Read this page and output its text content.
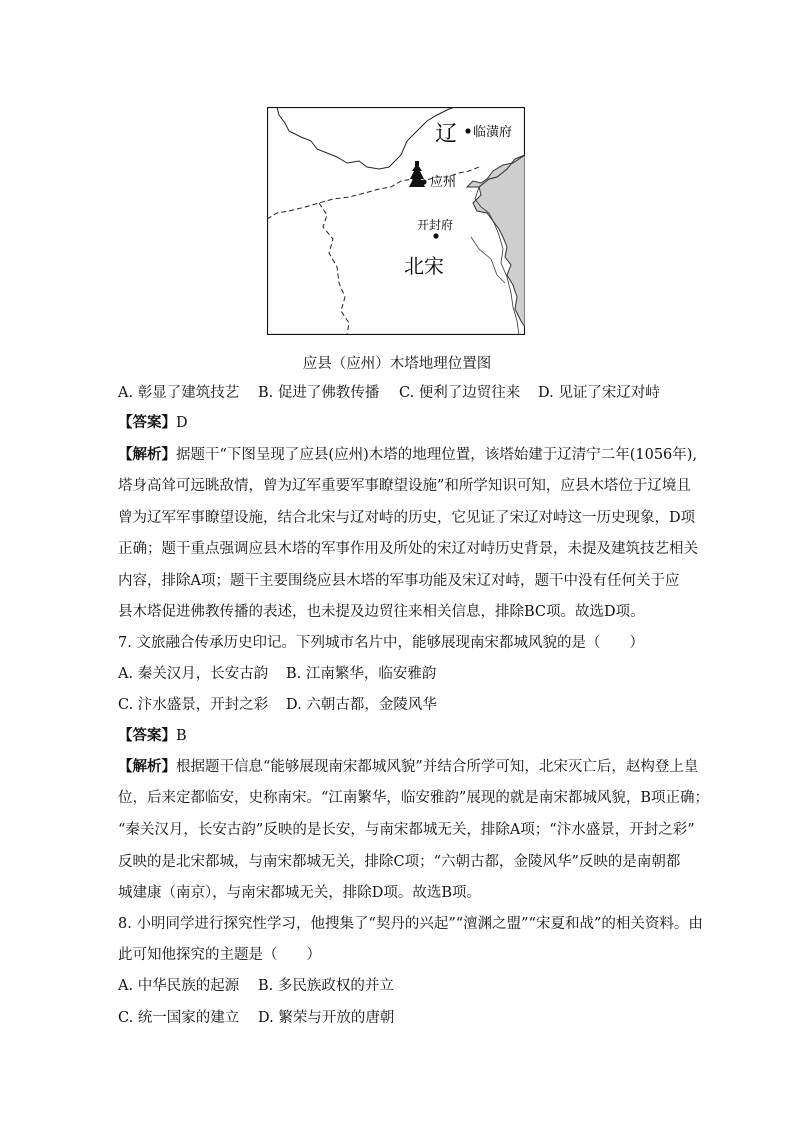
辽 临潢府
应州
开封府
北宋
应县（应州）木塔地理位置图
A. 彰显了建筑技艺 B. 促进了佛教传播 C. 便利了边贸往来 D. 见证了宋辽对峙
【答案】D
【解析】据题干“下图呈现了应县(应州)木塔的地理位置，该塔始建于辽清宁二年(1056年),
塔身高耸可远眺敌情，曾为辽军重要军事瞭望设施”和所学知识可知，应县木塔位于辽境且
曾为辽军军事瞭望设施，结合北宋与辽对峙的历史，它见证了宋辽对峙这一历史现象，D项
正确；题干重点强调应县木塔的军事作用及所处的宋辽对峙历史背景，未提及建筑技艺相关
内容，排除A项；题干主要围绕应县木塔的军事功能及宋辽对峙，题干中没有任何关于应
县木塔促进佛教传播的表述，也未提及边贸往来相关信息，排除BC项。故选D项。
7. 文旅融合传承历史印记。下列城市名片中，能够展现南宋都城风貌的是（　　）
A. 秦关汉月，长安古韵 B. 江南繁华，临安雅韵
C. 汴水盛景，开封之彩 D. 六朝古都，金陵风华
【答案】B
【解析】根据题干信息“能够展现南宋都城风貌”并结合所学可知，北宋灭亡后，赵构登上皇
位，后来定都临安，史称南宋。“江南繁华，临安雅韵”展现的就是南宋都城风貌，B项正确；
“秦关汉月，长安古韵”反映的是长安，与南宋都城无关，排除A项；“汴水盛景，开封之彩”
反映的是北宋都城，与南宋都城无关，排除C项；“六朝古都，金陵风华”反映的是南朝都
城建康（南京），与南宋都城无关，排除D项。故选B项。
8. 小明同学进行探究性学习，他搜集了“契丹的兴起”“澶渊之盟”“宋夏和战”的相关资料。由
此可知他探究的主题是（　　）
A. 中华民族的起源 B. 多民族政权的并立
C. 统一国家的建立 D. 繁荣与开放的唐朝
